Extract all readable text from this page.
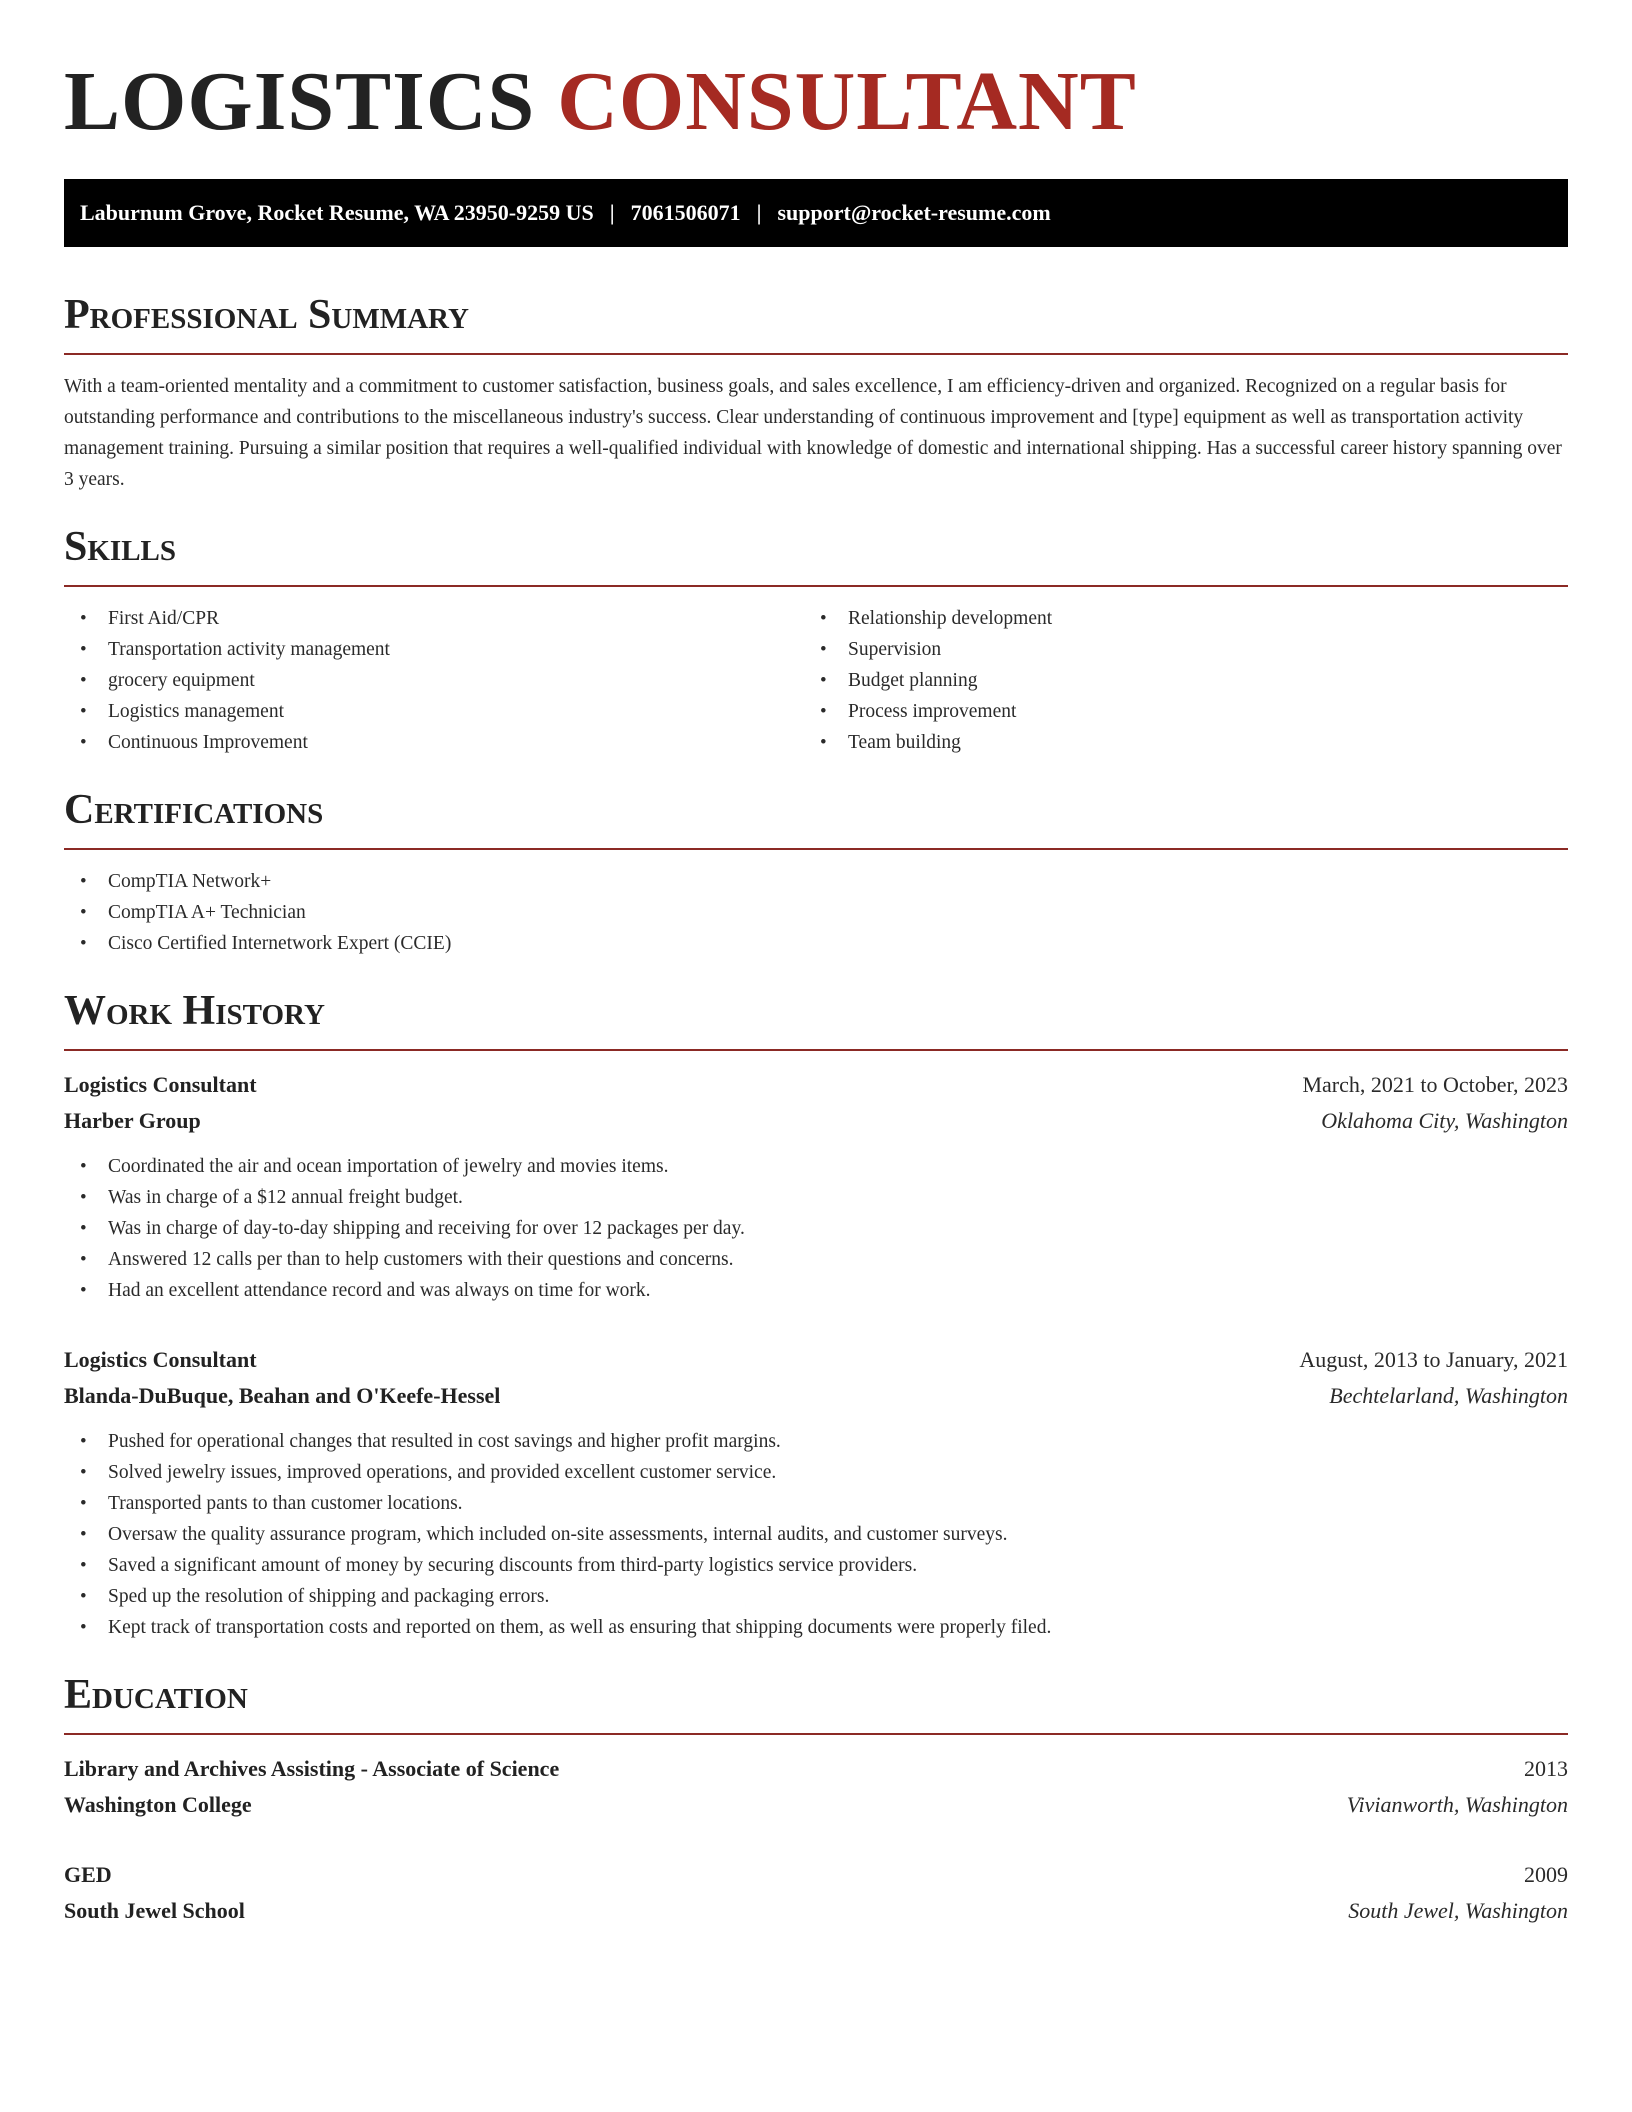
LOGISTICS CONSULTANT
Laburnum Grove, Rocket Resume, WA 23950-9259 US | 7061506071 | support@rocket-resume.com
Professional Summary

With a team-oriented mentality and a commitment to customer satisfaction, business goals, and sales excellence, I am efficiency-driven and organized. Recognized on a regular basis for outstanding performance and contributions to the miscellaneous industry's success. Clear understanding of continuous improvement and [type] equipment as well as transportation activity management training. Pursuing a similar position that requires a well-qualified individual with knowledge of domestic and international shipping. Has a successful career history spanning over 3 years.

Skills
• First Aid/CPR
• Transportation activity management
• grocery equipment
• Logistics management
• Continuous Improvement
• Relationship development
• Supervision
• Budget planning
• Process improvement
• Team building
Certifications
• CompTIA Network+
• CompTIA A+ Technician
• Cisco Certified Internetwork Expert (CCIE)
Work History
Logistics Consultant	March, 2021 to October, 2023
Harber Group	Oklahoma City, Washington
• Coordinated the air and ocean importation of jewelry and movies items.
• Was in charge of a $12 annual freight budget.
• Was in charge of day-to-day shipping and receiving for over 12 packages per day.
• Answered 12 calls per than to help customers with their questions and concerns.
• Had an excellent attendance record and was always on time for work.
Logistics Consultant	August, 2013 to January, 2021
Blanda-DuBuque, Beahan and O'Keefe-Hessel	Bechtelarland, Washington
• Pushed for operational changes that resulted in cost savings and higher profit margins.
• Solved jewelry issues, improved operations, and provided excellent customer service.
• Transported pants to than customer locations.
• Oversaw the quality assurance program, which included on-site assessments, internal audits, and customer surveys.
• Saved a significant amount of money by securing discounts from third-party logistics service providers.
• Sped up the resolution of shipping and packaging errors.
• Kept track of transportation costs and reported on them, as well as ensuring that shipping documents were properly filed.
Education
Library and Archives Assisting - Associate of Science	2013
Washington College	Vivianworth, Washington
GED	2009
South Jewel School	South Jewel, Washington
